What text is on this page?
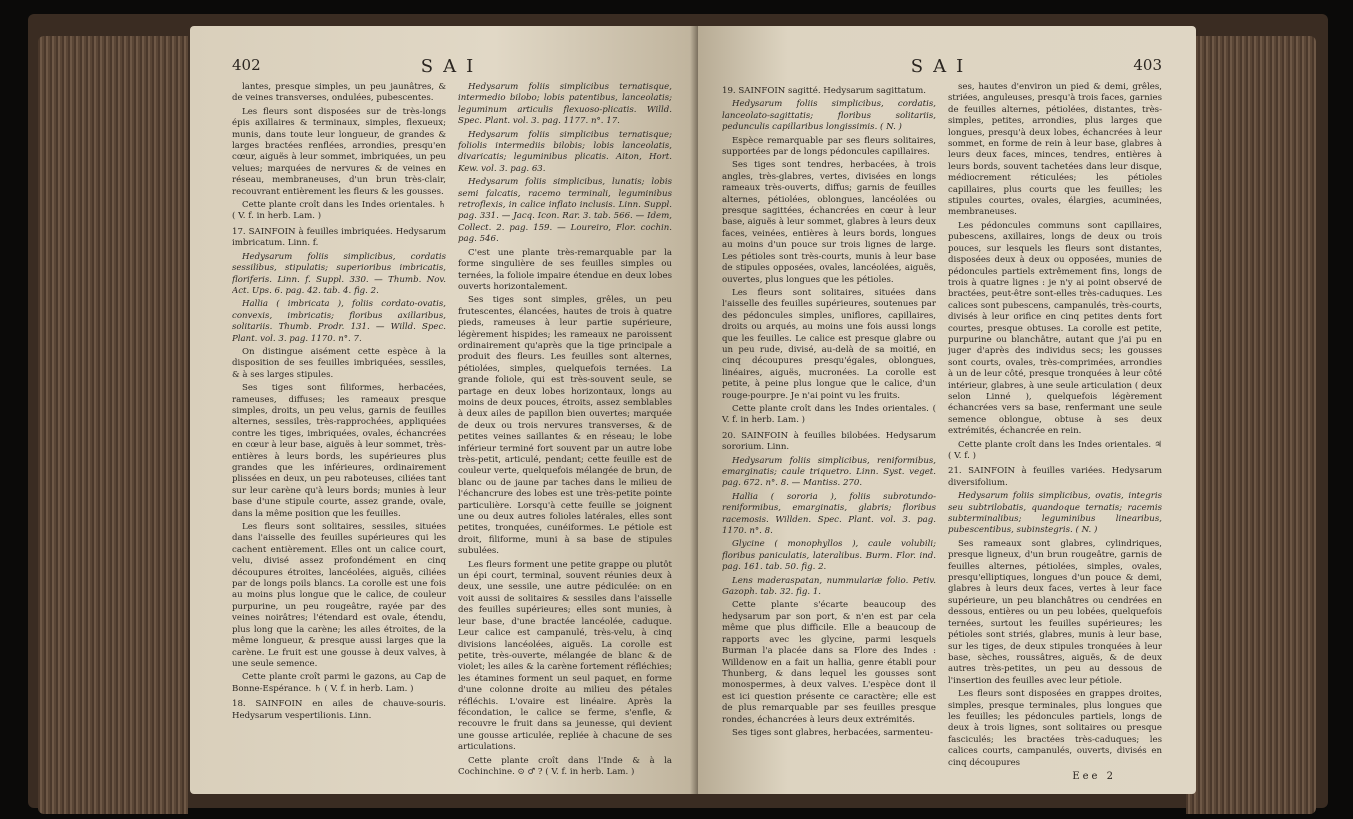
402	SAI

lantes, presque simples, un peu jaunâtres, & de veines transverses, ondulées, pubescentes.

Les fleurs sont disposées sur de très-longs épis axillaires & terminaux, simples, flexueux; munis, dans toute leur longueur, de grandes & larges bractées renflées, arrondies, presqu'en cœur, aiguës à leur sommet, imbriquées, un peu velues; marquées de nervures & de veines en réseau, membraneuses, d'un brun très-clair, recouvrant entièrement les fleurs & les gousses.

Cette plante croît dans les Indes orientales. ♄ ( V. f. in herb. Lam. )

17. SAINFOIN à feuilles imbriquées. Hedysarum imbricatum. Linn. f.

Hedysarum foliis simplicibus, cordatis sessilibus, stipulatis; superioribus imbricatis, floriferis. Linn. f. Suppl. 330. — Thumb. Nov. Act. Ups. 6. pag. 42. tab. 4. fig. 2.

Hallia ( imbricata ), foliis cordato-ovatis, convexis, imbricatis; floribus axillaribus, solitariis. Thumb. Prodr. 131. — Willd. Spec. Plant. vol. 3. pag. 1170. n°. 7.

On distingue aisément cette espèce à la disposition de ses feuilles imbriquées, sessiles, & à ses larges stipules.

Ses tiges sont filiformes, herbacées, rameuses, diffuses; les rameaux presque simples, droits, un peu velus, garnis de feuilles alternes, sessiles, très-rapprochées, appliquées contre les tiges, imbriquées, ovales, échancrées en cœur à leur base, aiguës à leur sommet, très-entières à leurs bords, les supérieures plus grandes que les inférieures, ordinairement plissées en deux, un peu raboteuses, ciliées tant sur leur carène qu'à leurs bords; munies à leur base d'une stipule courte, assez grande, ovale, dans la même position que les feuilles.

Les fleurs sont solitaires, sessiles, situées dans l'aisselle des feuilles supérieures qui les cachent entièrement. Elles ont un calice court, velu, divisé assez profondément en cinq découpures étroites, lancéolées, aiguës, ciliées par de longs poils blancs. La corolle est une fois au moins plus longue que le calice, de couleur purpurine, un peu rougeâtre, rayée par des veines noirâtres; l'étendard est ovale, étendu, plus long que la carène; les ailes étroites, de la même longueur, & presque aussi larges que la carène. Le fruit est une gousse à deux valves, à une seule semence.

Cette plante croît parmi le gazons, au Cap de Bonne-Espérance. ♄ ( V. f. in herb. Lam. )

18. SAINFOIN en ailes de chauve-souris. Hedysarum vespertilionis. Linn.

Hedysarum foliis simplicibus ternatisque, intermedio bilobo; lobis patentibus, lanceolatis; leguminum articulis flexuoso-plicatis. Willd. Spec. Plant. vol. 3. pag. 1177. n°. 17.

Hedysarum foliis simplicibus ternatisque; foliolis intermediis bilobis; lobis lanceolatis, divaricatis; leguminibus plicatis. Aiton, Hort. Kew. vol. 3. pag. 63.

Hedysarum foliis simplicibus, lunatis; lobis semi falcatis, racemo terminali, leguminibus retroflexis, in calice inflato inclusis. Linn. Suppl. pag. 331. — Jacq. Icon. Rar. 3. tab. 566. — Idem, Collect. 2. pag. 159. — Loureiro, Flor. cochin. pag. 546.

C'est une plante très-remarquable par la forme singulière de ses feuilles simples ou ternées, la foliole impaire étendue en deux lobes ouverts horizontalement.

Ses tiges sont simples, grêles, un peu frutescentes, élancées, hautes de trois à quatre pieds, rameuses à leur partie supérieure, légèrement hispides; les rameaux ne paroissent ordinairement qu'après que la tige principale a produit des fleurs. Les feuilles sont alternes, pétiolées, simples, quelquefois ternées. La grande foliole, qui est très-souvent seule, se partage en deux lobes horizontaux, longs au moins de deux pouces, étroits, assez semblables à deux ailes de papillon bien ouvertes; marquée de deux ou trois nervures transverses, & de petites veines saillantes & en réseau; le lobe inférieur terminé fort souvent par un autre lobe très-petit, articulé, pendant; cette feuille est de couleur verte, quelquefois mélangée de brun, de blanc ou de jaune par taches dans le milieu de l'échancrure des lobes est une très-petite pointe particulière. Lorsqu'à cette feuille se joignent une ou deux autres folioles latérales, elles sont petites, tronquées, cunéiformes. Le pétiole est droit, filiforme, muni à sa base de stipules subulées.

Les fleurs forment une petite grappe ou plutôt un épi court, terminal, souvent réunies deux à deux, une sessile, une autre pédiculée: on en voit aussi de solitaires & sessiles dans l'aisselle des feuilles supérieures; elles sont munies, à leur base, d'une bractée lancéolée, caduque. Leur calice est campanulé, très-velu, à cinq divisions lancéolées, aiguës. La corolle est petite, très-ouverte, mélangée de blanc & de violet; les ailes & la carène fortement réfléchies; les étamines forment un seul paquet, en forme d'une colonne droite au milieu des pétales réfléchis. L'ovaire est linéaire. Après la fécondation, le calice se ferme, s'enfle, & recouvre le fruit dans sa jeunesse, qui devient une gousse articulée, repliée à chacune de ses articulations.

Cette plante croît dans l'Inde & à la Cochinchine. ⊙ ♂ ? ( V. f. in herb. Lam. )

SAI	403

19. SAINFOIN sagitté. Hedysarum sagittatum.

Hedysarum foliis simplicibus, cordatis, lanceolato-sagittatis; floribus solitariis, pedunculis capillaribus longissimis. ( N. )

Espèce remarquable par ses fleurs solitaires, supportées par de longs pédoncules capillaires.

Ses tiges sont tendres, herbacées, à trois angles, très-glabres, vertes, divisées en longs rameaux très-ouverts, diffus; garnis de feuilles alternes, pétiolées, oblongues, lancéolées ou presque sagittées, échancrées en cœur à leur base, aiguës à leur sommet, glabres à leurs deux faces, veinées, entières à leurs bords, longues au moins d'un pouce sur trois lignes de large. Les pétioles sont très-courts, munis à leur base de stipules opposées, ovales, lancéolées, aiguës, ouvertes, plus longues que les pétioles.

Les fleurs sont solitaires, situées dans l'aisselle des feuilles supérieures, soutenues par des pédoncules simples, uniflores, capillaires, droits ou arqués, au moins une fois aussi longs que les feuilles. Le calice est presque glabre ou un peu rude, divisé, au-delà de sa moitié, en cinq découpures presqu'égales, oblongues, linéaires, aiguës, mucronées. La corolle est petite, à peine plus longue que le calice, d'un rouge-pourpre. Je n'ai point vu les fruits.

Cette plante croît dans les Indes orientales. ( V. f. in herb. Lam. )

20. SAINFOIN à feuilles bilobées. Hedysarum sororium. Linn.

Hedysarum foliis simplicibus, reniformibus, emarginatis; caule triquetro. Linn. Syst. veget. pag. 672. n°. 8. — Mantiss. 270.

Hallia ( sororia ), foliis subrotundo-reniformibus, emarginatis, glabris; floribus racemosis. Willden. Spec. Plant. vol. 3. pag. 1170. n°. 8.

Glycine ( monophyllos ), caule volubili; floribus paniculatis, lateralibus. Burm. Flor. ind. pag. 161. tab. 50. fig. 2.

Lens maderaspatan, nummulariæ folio. Petiv. Gazoph. tab. 32. fig. 1.

Cette plante s'écarte beaucoup des hedysarum par son port, & n'en est par cela même que plus difficile. Elle a beaucoup de rapports avec les glycine, parmi lesquels Burman l'a placée dans sa Flore des Indes : Willdenow en a fait un hallia, genre établi pour Thunberg, & dans lequel les gousses sont monospermes, à deux valves. L'espèce dont il est ici question présente ce caractère; elle est de plus remarquable par ses feuilles presque rondes, échancrées à leurs deux extrémités.

Ses tiges sont glabres, herbacées, sarmenteu-

ses, hautes d'environ un pied & demi, grêles, striées, anguleuses, presqu'à trois faces, garnies de feuilles alternes, pétiolées, distantes, très-simples, petites, arrondies, plus larges que longues, presqu'à deux lobes, échancrées à leur sommet, en forme de rein à leur base, glabres à leurs deux faces, minces, tendres, entières à leurs bords, souvent tachetées dans leur disque, médiocrement réticulées; les pétioles capillaires, plus courts que les feuilles; les stipules courtes, ovales, élargies, acuminées, membraneuses.

Les pédoncules communs sont capillaires, pubescens, axillaires, longs de deux ou trois pouces, sur lesquels les fleurs sont distantes, disposées deux à deux ou opposées, munies de pédoncules partiels extrêmement fins, longs de trois à quatre lignes : je n'y ai point observé de bractées, peut-être sont-elles très-caduques. Les calices sont pubescens, campanulés, très-courts, divisés à leur orifice en cinq petites dents fort courtes, presque obtuses. La corolle est petite, purpurine ou blanchâtre, autant que j'ai pu en juger d'après des individus secs; les gousses sont courts, ovales, très-comprimées, arrondies à un de leur côté, presque tronquées à leur côté intérieur, glabres, à une seule articulation ( deux selon Linné ), quelquefois légèrement échancrées vers sa base, renfermant une seule semence oblongue, obtuse à ses deux extrémités, échancrée en rein.

Cette plante croît dans les Indes orientales. ♃ ( V. f. )

21. SAINFOIN à feuilles variées. Hedysarum diversifolium.

Hedysarum foliis simplicibus, ovatis, integris seu subtrilobatis, quandoque ternatis; racemis subterminalibus; leguminibus linearibus, pubescentibus, subinstegris. ( N. )

Ses rameaux sont glabres, cylindriques, presque ligneux, d'un brun rougeâtre, garnis de feuilles alternes, pétiolées, simples, ovales, presqu'elliptiques, longues d'un pouce & demi, glabres à leurs deux faces, vertes à leur face supérieure, un peu blanchâtres ou cendrées en dessous, entières ou un peu lobées, quelquefois ternées, surtout les feuilles supérieures; les pétioles sont striés, glabres, munis à leur base, sur les tiges, de deux stipules tronquées à leur base, sèches, roussâtres, aiguës, & de deux autres très-petites, un peu au dessous de l'insertion des feuilles avec leur pétiole.

Les fleurs sont disposées en grappes droites, simples, presque terminales, plus longues que les feuilles; les pédoncules partiels, longs de deux à trois lignes, sont solitaires ou presque fasciculés; les bractées très-caduques; les calices courts, campanulés, ouverts, divisés en cinq découpures

Eee 2
